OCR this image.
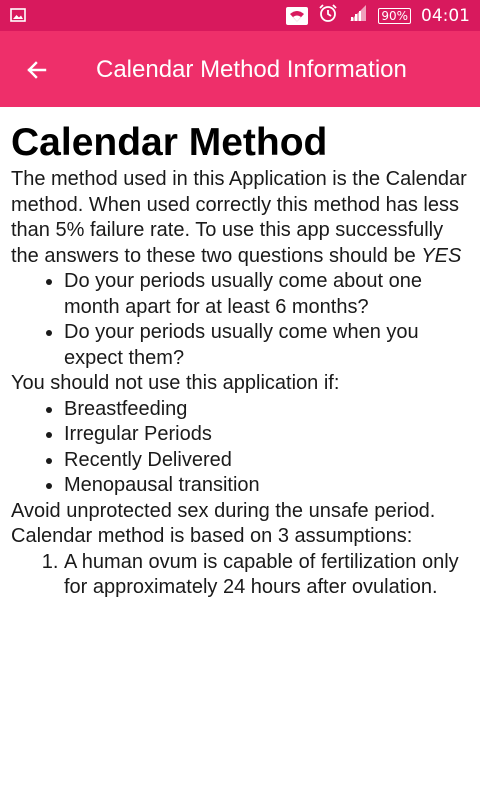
90% 04:01
Calendar Method Information
Calendar Method

The method used in this Application is the Calendar method. When used correctly this method has less than 5% failure rate. To use this app successfully the answers to these two questions should be YES

• Do your periods usually come about one month apart for at least 6 months?
• Do your periods usually come when you expect them?

You should not use this application if:

• Breastfeeding
• Irregular Periods
• Recently Delivered
• Menopausal transition

Avoid unprotected sex during the unsafe period.

Calendar method is based on 3 assumptions:

1. A human ovum is capable of fertilization only for approximately 24 hours after ovulation.
